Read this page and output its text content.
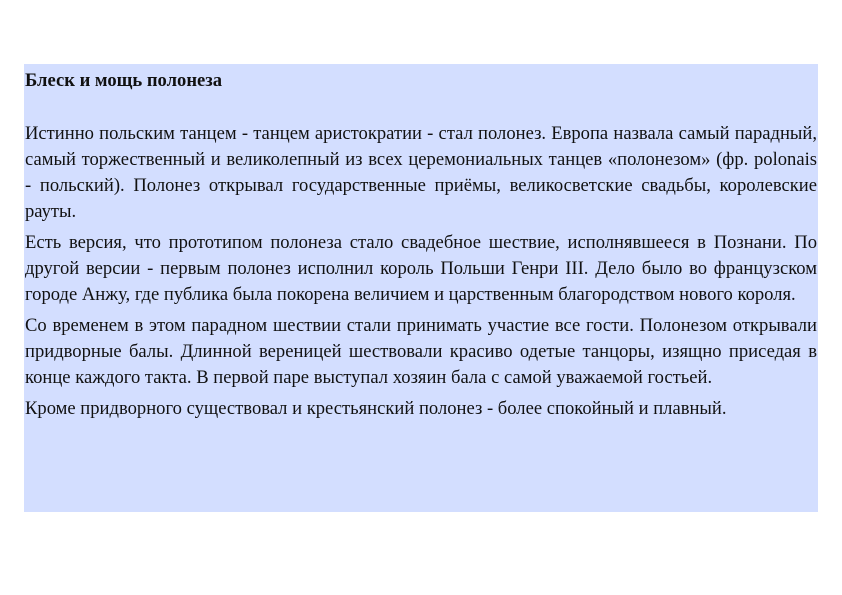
Блеск и мощь полонеза

Истинно польским танцем - танцем аристократии - стал полонез. Европа назвала самый парадный, самый торжественный и великолепный из всех церемониальных танцев «полонезом» (фр. polonais - польский). Полонез открывал государственные приёмы, великосветские свадьбы, королевские рауты.

Есть версия, что прототипом полонеза стало свадебное шествие, исполнявшееся в Познани. По другой версии - первым полонез исполнил король Польши Генри III. Дело было во французском городе Анжу, где публика была покорена величием и царственным благородством нового короля.

Со временем в этом парадном шествии стали принимать участие все гости. Полонезом открывали придворные балы. Длинной вереницей шествовали красиво одетые танцоры, изящно приседая в конце каждого такта. В первой паре выступал хозяин бала с самой уважаемой гостьей.

Кроме придворного существовал и крестьянский полонез - более спокойный и плавный.
